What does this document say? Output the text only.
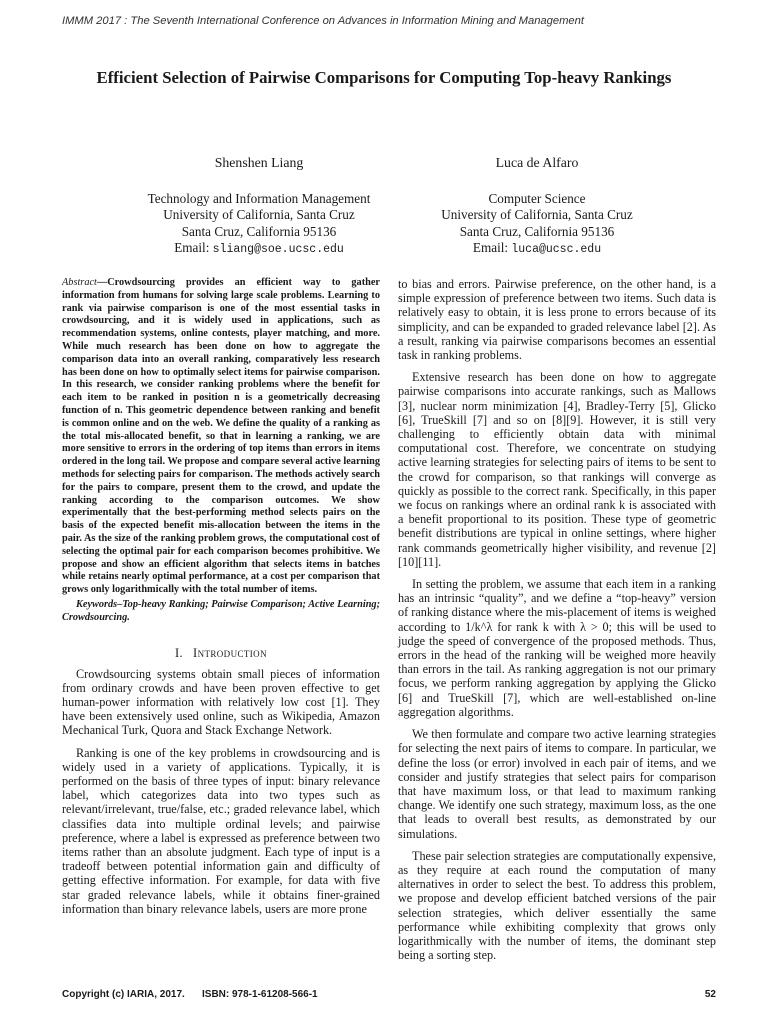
IMMM 2017 : The Seventh International Conference on Advances in Information Mining and Management
Efficient Selection of Pairwise Comparisons for Computing Top-heavy Rankings
Shenshen Liang
Technology and Information Management
University of California, Santa Cruz
Santa Cruz, California 95136
Email: sliang@soe.ucsc.edu
Luca de Alfaro
Computer Science
University of California, Santa Cruz
Santa Cruz, California 95136
Email: luca@ucsc.edu
Abstract—Crowdsourcing provides an efficient way to gather information from humans for solving large scale problems. Learning to rank via pairwise comparison is one of the most essential tasks in crowdsourcing, and it is widely used in applications, such as recommendation systems, online contests, player matching, and more. While much research has been done on how to aggregate the comparison data into an overall ranking, comparatively less research has been done on how to optimally select items for pairwise comparison. In this research, we consider ranking problems where the benefit for each item to be ranked in position n is a geometrically decreasing function of n. This geometric dependence between ranking and benefit is common online and on the web. We define the quality of a ranking as the total mis-allocated benefit, so that in learning a ranking, we are more sensitive to errors in the ordering of top items than errors in items ordered in the long tail. We propose and compare several active learning methods for selecting pairs for comparison. The methods actively search for the pairs to compare, present them to the crowd, and update the ranking according to the comparison outcomes. We show experimentally that the best-performing method selects pairs on the basis of the expected benefit mis-allocation between the items in the pair. As the size of the ranking problem grows, the computational cost of selecting the optimal pair for each comparison becomes prohibitive. We propose and show an efficient algorithm that selects items in batches while retains nearly optimal performance, at a cost per comparison that grows only logarithmically with the total number of items.
Keywords–Top-heavy Ranking; Pairwise Comparison; Active Learning; Crowdsourcing.
I. Introduction

Crowdsourcing systems obtain small pieces of information from ordinary crowds and have been proven effective to get human-power information with relatively low cost [1]. They have been extensively used online, such as Wikipedia, Amazon Mechanical Turk, Quora and Stack Exchange Network.

Ranking is one of the key problems in crowdsourcing and is widely used in a variety of applications. Typically, it is performed on the basis of three types of input: binary relevance label, which categorizes data into two types such as relevant/irrelevant, true/false, etc.; graded relevance label, which classifies data into multiple ordinal levels; and pairwise preference, where a label is expressed as preference between two items rather than an absolute judgment. Each type of input is a tradeoff between potential information gain and difficulty of getting effective information. For example, for data with five star graded relevance labels, while it obtains finer-grained information than binary relevance labels, users are more prone

to bias and errors. Pairwise preference, on the other hand, is a simple expression of preference between two items. Such data is relatively easy to obtain, it is less prone to errors because of its simplicity, and can be expanded to graded relevance label [2]. As a result, ranking via pairwise comparisons becomes an essential task in ranking problems.

Extensive research has been done on how to aggregate pairwise comparisons into accurate rankings, such as Mallows [3], nuclear norm minimization [4], Bradley-Terry [5], Glicko [6], TrueSkill [7] and so on [8][9]. However, it is still very challenging to efficiently obtain data with minimal computational cost. Therefore, we concentrate on studying active learning strategies for selecting pairs of items to be sent to the crowd for comparison, so that rankings will converge as quickly as possible to the correct rank. Specifically, in this paper we focus on rankings where an ordinal rank k is associated with a benefit proportional to its position. These type of geometric benefit distributions are typical in online settings, where higher rank commands geometrically higher visibility, and revenue [2][10][11].

In setting the problem, we assume that each item in a ranking has an intrinsic “quality”, and we define a “top-heavy” version of ranking distance where the mis-placement of items is weighed according to 1/k^λ for rank k with λ > 0; this will be used to judge the speed of convergence of the proposed methods. Thus, errors in the head of the ranking will be weighed more heavily than errors in the tail. As ranking aggregation is not our primary focus, we perform ranking aggregation by applying the Glicko [6] and TrueSkill [7], which are well-established on-line aggregation algorithms.

We then formulate and compare two active learning strategies for selecting the next pairs of items to compare. In particular, we define the loss (or error) involved in each pair of items, and we consider and justify strategies that select pairs for comparison that have maximum loss, or that lead to maximum ranking change. We identify one such strategy, maximum loss, as the one that leads to overall best results, as demonstrated by our simulations.

These pair selection strategies are computationally expensive, as they require at each round the computation of many alternatives in order to select the best. To address this problem, we propose and develop efficient batched versions of the pair selection strategies, which deliver essentially the same performance while exhibiting complexity that grows only logarithmically with the number of items, the dominant step being a sorting step.

Copyright (c) IARIA, 2017. ISBN: 978-1-61208-566-1	52
